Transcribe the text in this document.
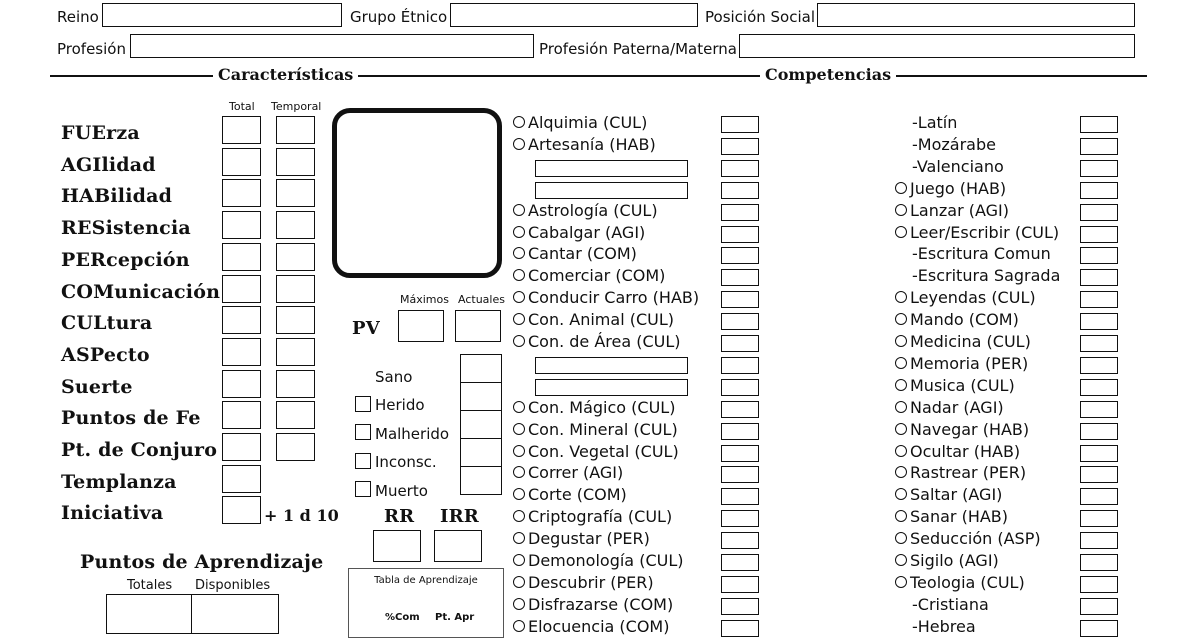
Reino	Grupo Étnico	Posición Social
Profesión	Profesión Paterna/Materna
Características	Competencias
Total Temporal
FUErza
AGIlidad
HABilidad
RESistencia
PERcepción
COMunicación
CULtura
ASPecto
Suerte
Puntos de Fe
Pt. de Conjuro
Templanza
Iniciativa	+ 1 d 10
Máximos Actuales
PV
Sano
Herido
Malherido
Inconsc.
Muerto
RR IRR
Puntos de Aprendizaje
Totales Disponibles	Tabla de Aprendizaje
%Com Pt. Apr
Alquimia (CUL)
Artesanía (HAB)
Astrología (CUL)
Cabalgar (AGI)
Cantar (COM)
Comerciar (COM)
Conducir Carro (HAB)
Con. Animal (CUL)
Con. de Área (CUL)
Con. Mágico (CUL)
Con. Mineral (CUL)
Con. Vegetal (CUL)
Correr (AGI)
Corte (COM)
Criptografía (CUL)
Degustar (PER)
Demonología (CUL)
Descubrir (PER)
Disfrazarse (COM)
Elocuencia (COM)
-Latín
-Mozárabe
-Valenciano
Juego (HAB)
Lanzar (AGI)
Leer/Escribir (CUL)
-Escritura Comun
-Escritura Sagrada
Leyendas (CUL)
Mando (COM)
Medicina (CUL)
Memoria (PER)
Musica (CUL)
Nadar (AGI)
Navegar (HAB)
Ocultar (HAB)
Rastrear (PER)
Saltar (AGI)
Sanar (HAB)
Seducción (ASP)
Sigilo (AGI)
Teologia (CUL)
-Cristiana
-Hebrea
